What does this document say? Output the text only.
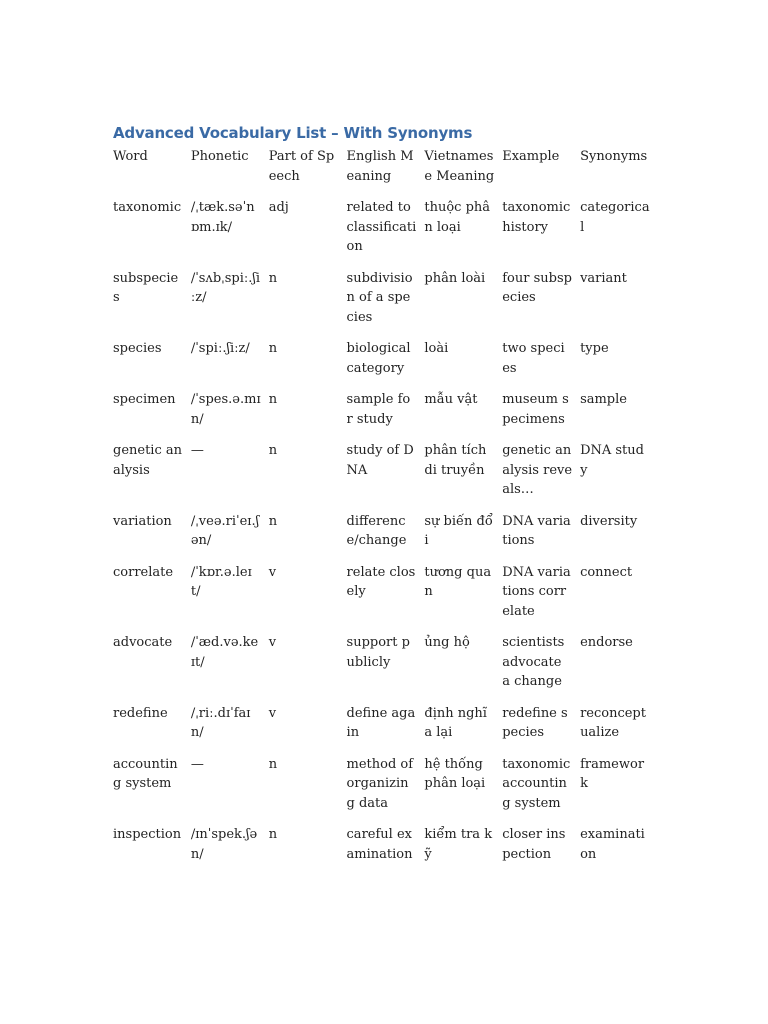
Advanced Vocabulary List – With Synonyms
Word	Phonetic	Part of Speech	English Meaning	Vietnamese Meaning	Example	Synonyms
taxonomic	/ˌtæk.səˈnɒm.ɪk/	adj	related to classification	thuộc phân loại	taxonomic history	categorical
subspecies	/ˈsʌbˌspiː.ʃiːz/	n	subdivision of a species	phân loài	four subspecies	variant
species	/ˈspiː.ʃiːz/	n	biological category	loài	two species	type
specimen	/ˈspes.ə.mɪn/	n	sample for study	mẫu vật	museum specimens	sample
genetic analysis	—	n	study of DNA	phân tích di truyền	genetic analysis reveals…	DNA study
variation	/ˌveə.riˈeɪ.ʃən/	n	difference/change	sự biến đổi	DNA variations	diversity
correlate	/ˈkɒr.ə.leɪt/	v	relate closely	tương quan	DNA variations correlate	connect
advocate	/ˈæd.və.keɪt/	v	support publicly	ủng hộ	scientists advocate a change	endorse
redefine	/ˌriː.dɪˈfaɪn/	v	define again	định nghĩa lại	redefine species	reconceptualize
accounting system	—	n	method of organizing data	hệ thống phân loại	taxonomic accounting system	framework
inspection	/ɪnˈspek.ʃən/	n	careful examination	kiểm tra kỹ	closer inspection	examination
